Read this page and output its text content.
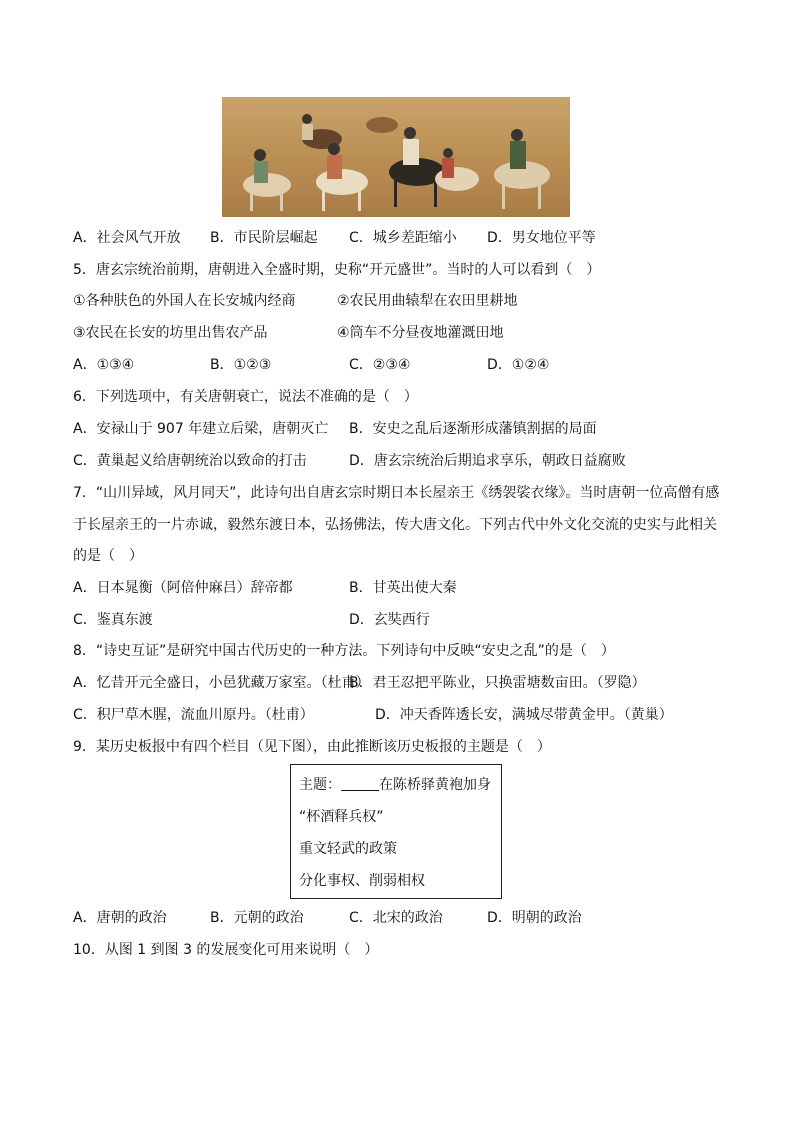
A．社会风气开放 B．市民阶层崛起 C．城乡差距缩小 D．男女地位平等
5．唐玄宗统治前期，唐朝进入全盛时期，史称“开元盛世”。当时的人可以看到（　）
①各种肤色的外国人在长安城内经商	②农民用曲辕犁在农田里耕地
③农民在长安的坊里出售农产品	④筒车不分昼夜地灌溉田地
A．①③④	B．①②③	C．②③④	D．①②④
6．下列选项中，有关唐朝衰亡，说法不准确的是（　）
A．安禄山于 907 年建立后梁，唐朝灭亡 B．安史之乱后逐渐形成藩镇割据的局面
C．黄巢起义给唐朝统治以致命的打击	D．唐玄宗统治后期追求享乐，朝政日益腐败
7．“山川异域，风月同天”，此诗句出自唐玄宗时期日本长屋亲王《绣袈裟衣缘》。当时唐朝一位高僧有感
于长屋亲王的一片赤诚，毅然东渡日本，弘扬佛法，传大唐文化。下列古代中外文化交流的史实与此相关
的是（　）
A．日本晁衡（阿倍仲麻吕）辞帝都	B．甘英出使大秦
C．鉴真东渡	D．玄奘西行
8．“诗史互证”是研究中国古代历史的一种方法。下列诗句中反映“安史之乱”的是（　）
A．忆昔开元全盛日，小邑犹藏万家室。（杜甫）
B．君王忍把平陈业，只换雷塘数亩田。（罗隐）
C．积尸草木腥，流血川原丹。（杜甫）	D．冲天香阵透长安，满城尽带黄金甲。（黄巢）
9．某历史板报中有四个栏目（见下图），由此推断该历史板报的主题是（　）
主题：	在陈桥驿黄袍加身
“杯酒释兵权”
重文轻武的政策
分化事权、削弱相权
A．唐朝的政治	B．元朝的政治	C．北宋的政治	D．明朝的政治
10．从图 1 到图 3 的发展变化可用来说明（　）
